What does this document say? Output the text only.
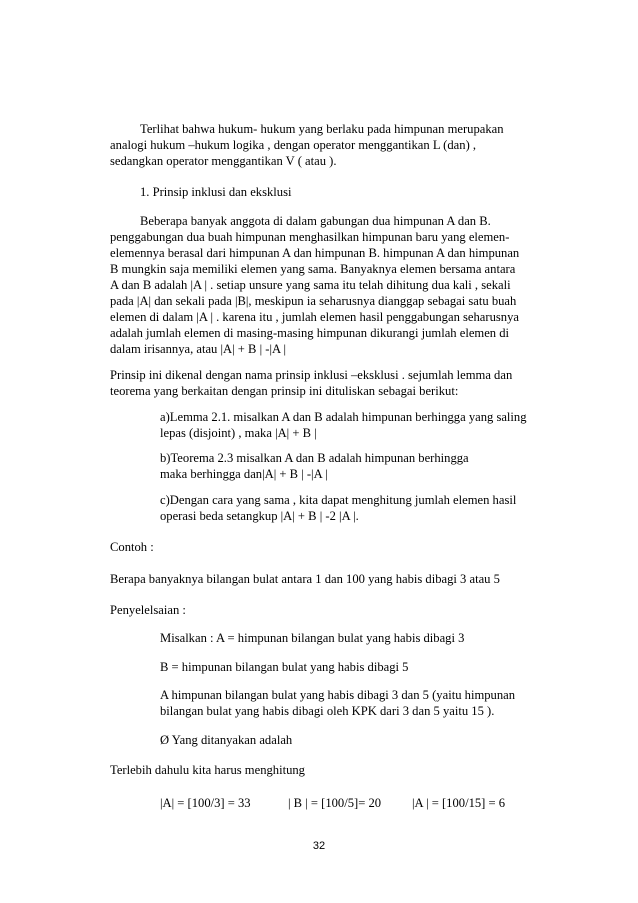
Terlihat bahwa hukum- hukum yang berlaku pada himpunan merupakan
analogi hukum –hukum logika , dengan operator menggantikan L (dan) ,
sedangkan operator menggantikan V ( atau ).
1. Prinsip inklusi dan eksklusi
Beberapa banyak anggota di dalam gabungan dua himpunan A dan B.
penggabungan dua buah himpunan menghasilkan himpunan baru yang elemen-
elemennya berasal dari himpunan A dan himpunan B. himpunan A dan himpunan
B mungkin saja memiliki elemen yang sama. Banyaknya elemen bersama antara
A dan B adalah |A | . setiap unsure yang sama itu telah dihitung dua kali , sekali
pada |A| dan sekali pada |B|, meskipun ia seharusnya dianggap sebagai satu buah
elemen di dalam |A | . karena itu , jumlah elemen hasil penggabungan seharusnya
adalah jumlah elemen di masing-masing himpunan dikurangi jumlah elemen di
dalam irisannya, atau |A| + B | -|A |
Prinsip ini dikenal dengan nama prinsip inklusi –eksklusi . sejumlah lemma dan
teorema yang berkaitan dengan prinsip ini dituliskan sebagai berikut:
a)Lemma 2.1. misalkan A dan B adalah himpunan berhingga yang saling
lepas (disjoint) , maka |A| + B |
b)Teorema 2.3 misalkan A dan B adalah himpunan berhingga
maka berhingga dan|A| + B | -|A |
c)Dengan cara yang sama , kita dapat menghitung jumlah elemen hasil
operasi beda setangkup |A| + B | -2 |A |.
Contoh :
Berapa banyaknya bilangan bulat antara 1 dan 100 yang habis dibagi 3 atau 5
Penyelelsaian :
Misalkan : A = himpunan bilangan bulat yang habis dibagi 3
B = himpunan bilangan bulat yang habis dibagi 5
A himpunan bilangan bulat yang habis dibagi 3 dan 5 (yaitu himpunan
bilangan bulat yang habis dibagi oleh KPK dari 3 dan 5 yaitu 15 ).
Ø Yang ditanyakan adalah
Terlebih dahulu kita harus menghitung
|A| = [100/3] = 33	| B | = [100/5]= 20 |A | = [100/15] = 6
32
